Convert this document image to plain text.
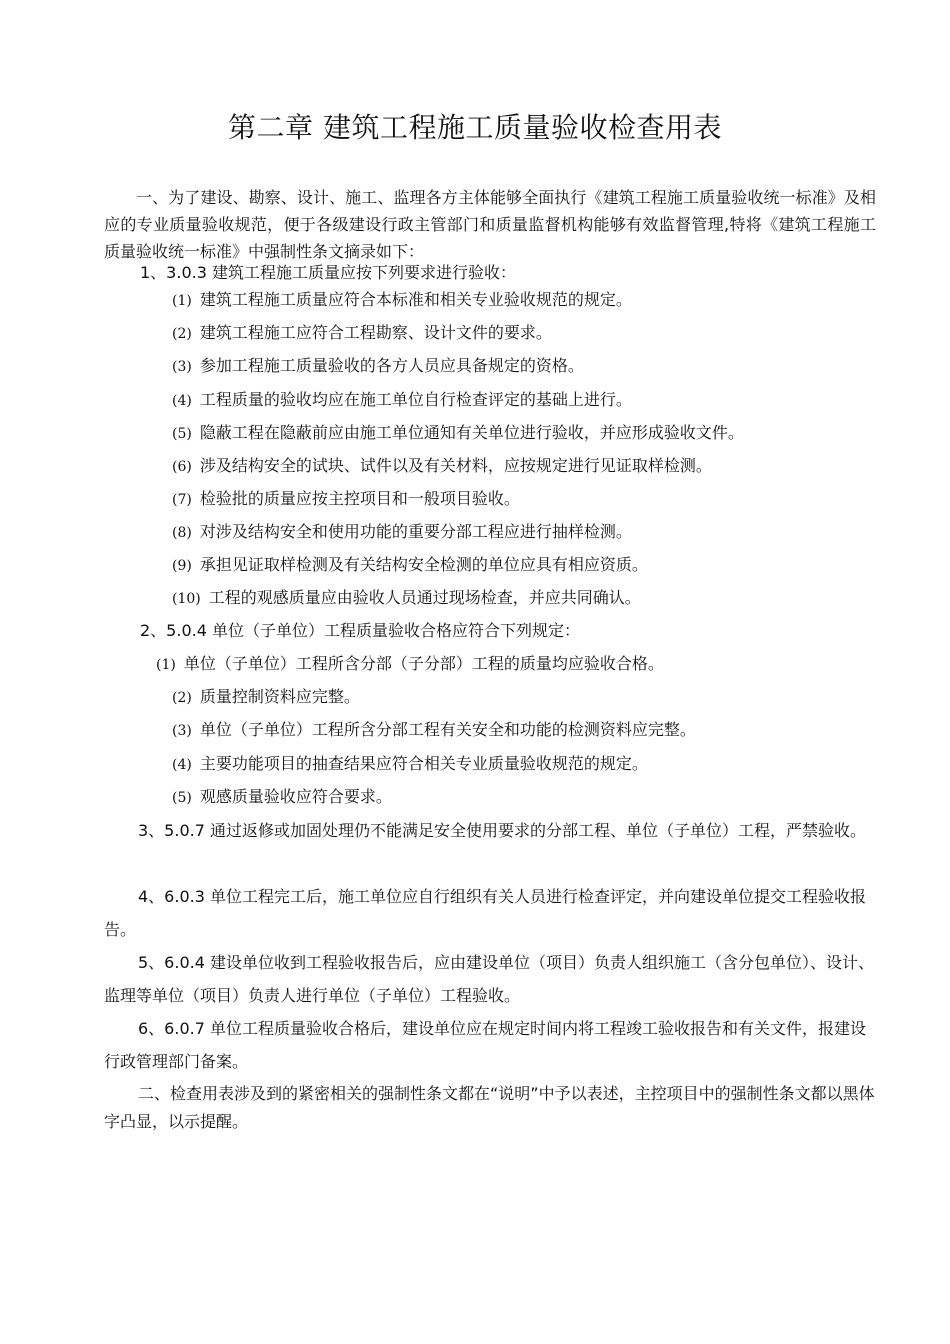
第二章 建筑工程施工质量验收检查用表

一、为了建设、勘察、设计、施工、监理各方主体能够全面执行《建筑工程施工质量验收统一标准》及相应的专业质量验收规范，便于各级建设行政主管部门和质量监督机构能够有效监督管理,特将《建筑工程施工质量验收统一标准》中强制性条文摘录如下：

1、3.0.3 建筑工程施工质量应按下列要求进行验收：

(1) 建筑工程施工质量应符合本标准和相关专业验收规范的规定。

(2) 建筑工程施工应符合工程勘察、设计文件的要求。

(3) 参加工程施工质量验收的各方人员应具备规定的资格。

(4) 工程质量的验收均应在施工单位自行检查评定的基础上进行。

(5) 隐蔽工程在隐蔽前应由施工单位通知有关单位进行验收，并应形成验收文件。

(6) 涉及结构安全的试块、试件以及有关材料，应按规定进行见证取样检测。

(7) 检验批的质量应按主控项目和一般项目验收。

(8) 对涉及结构安全和使用功能的重要分部工程应进行抽样检测。

(9) 承担见证取样检测及有关结构安全检测的单位应具有相应资质。

(10) 工程的观感质量应由验收人员通过现场检查，并应共同确认。

2、5.0.4 单位（子单位）工程质量验收合格应符合下列规定：

(1) 单位（子单位）工程所含分部（子分部）工程的质量均应验收合格。

(2) 质量控制资料应完整。

(3) 单位（子单位）工程所含分部工程有关安全和功能的检测资料应完整。

(4) 主要功能项目的抽查结果应符合相关专业质量验收规范的规定。

(5) 观感质量验收应符合要求。

3、5.0.7 通过返修或加固处理仍不能满足安全使用要求的分部工程、单位（子单位）工程，严禁验收。

4、6.0.3 单位工程完工后，施工单位应自行组织有关人员进行检查评定，并向建设单位提交工程验收报告。

5、6.0.4 建设单位收到工程验收报告后，应由建设单位（项目）负责人组织施工（含分包单位）、设计、监理等单位（项目）负责人进行单位（子单位）工程验收。

6、6.0.7 单位工程质量验收合格后，建设单位应在规定时间内将工程竣工验收报告和有关文件，报建设行政管理部门备案。

二、检查用表涉及到的紧密相关的强制性条文都在“说明”中予以表述，主控项目中的强制性条文都以黑体字凸显，以示提醒。
